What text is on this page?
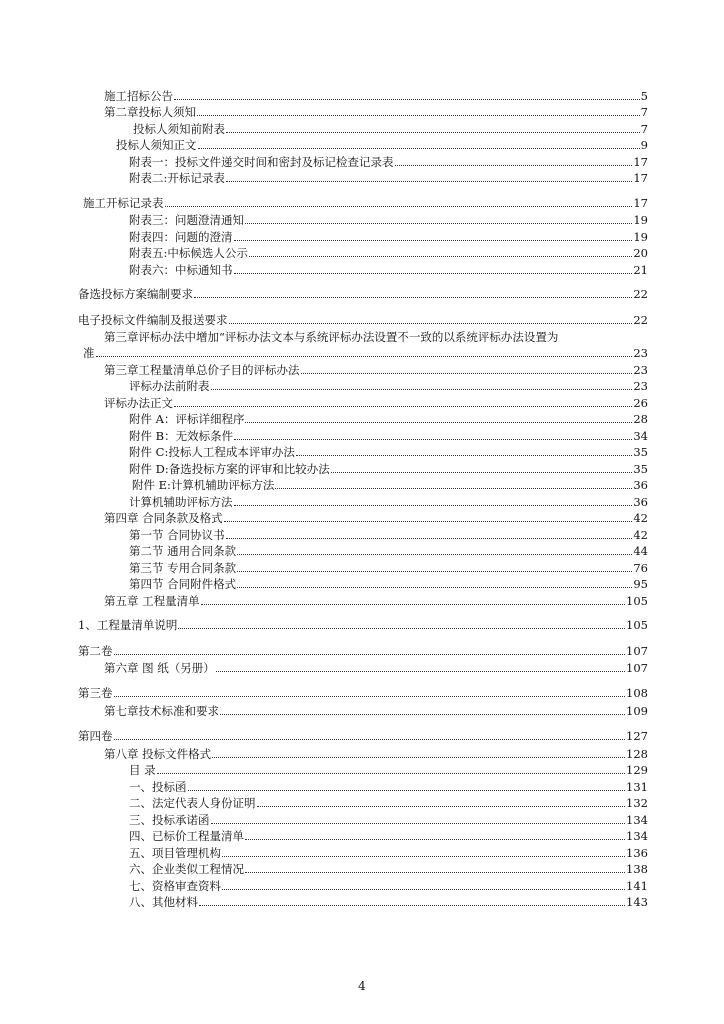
施工招标公告	5
第二章投标人须知	7
投标人须知前附表	7
投标人须知正文	9
附表一：投标文件递交时间和密封及标记检查记录表	17
附表二:开标记录表	17
施工开标记录表	17
附表三：问题澄清通知	19
附表四：问题的澄清	19
附表五:中标候选人公示	20
附表六：中标通知书	21
备选投标方案编制要求	22
电子投标文件编制及报送要求	22
第三章评标办法中增加“评标办法文本与系统评标办法设置不一致的以系统评标办法设置为
准	23
第三章工程量清单总价子目的评标办法	23
评标办法前附表	23
评标办法正文	26
附件 A：评标详细程序	28
附件 B：无效标条件	34
附件 C:投标人工程成本评审办法	35
附件 D:备选投标方案的评审和比较办法	35
附件 E:计算机辅助评标方法	36
计算机辅助评标方法	36
第四章 合同条款及格式	42
第一节 合同协议书	42
第二节 通用合同条款	44
第三节 专用合同条款	76
第四节 合同附件格式	95
第五章 工程量清单	105
1、工程量清单说明	105
第二卷	107
第六章 图 纸（另册）	107
第三卷	108
第七章技术标准和要求	109
第四卷	127
第八章 投标文件格式	128
目 录	129
一、投标函	131
二、法定代表人身份证明	132
三、投标承诺函	134
四、已标价工程量清单	134
五、项目管理机构	136
六、企业类似工程情况	138
七、资格审查资料	141
八、其他材料	143
4
